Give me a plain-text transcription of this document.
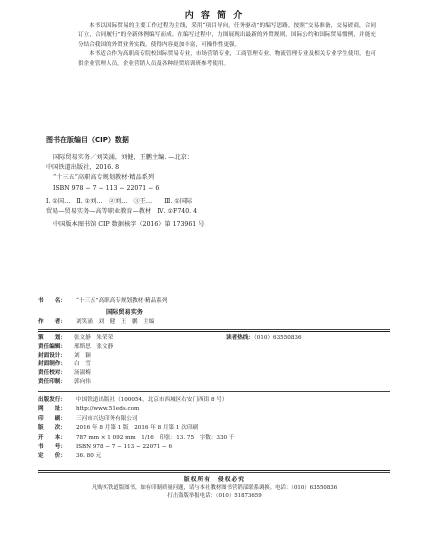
内 容 简 介

本书以国际贸易的主要工作过程为主线，采用“项目导向，任务驱动”的编写思路，按照“交易准备，交易磋商，合同订立，合同履行”的全新体例编写而成。在编写过程中，力图展现出最新的外贸规则，国际公约和国际贸易惯例，并能充分结合我国的外贸业务实践，使得内容更加丰富，可操作性更强。

本书适合作为高职高专院校国际贸易专业，市场营销专业，工商管理专业，物流管理专业及相关专业学生使用，也可供企业管理人员，企业营销人员及各种经贸培训班参考使用。

图书在版编目（CIP）数据
国际贸易实务／刘笑涌，刘健，王鹏主编. —北京：
中国铁道出版社，2016. 8
“十三五”高职高专规划教材·精品系列
ISBN 978 − 7 − 113 − 22071 − 6
Ⅰ. ①国…　Ⅱ. ①刘…　②刘…　③王…　　Ⅲ. ①国际
贸易—贸易实务—高等职业教育—教材　Ⅳ. ①F740. 4
中国版本图书馆 CIP 数据核字（2016）第 173961 号
书　　名：	“十三五”高职高专规划教材·精品系列
国际贸易实务
作　　者：	刘笑涌　刘　健　王　鹏　主编
策　　划：	张文静　朱荣荣	读者热线：（010）63550836
责任编辑：	邢斯思　张文静
封面设计：	刘　颖
封面制作：	白　雪
责任校对：	汤淑梅
责任印制：	郭向伟
出版发行：	中国铁道出版社（100054，北京市西城区右安门西街 8 号）
网　　址：	http://www.51eds.com
印　　刷：	三河市兴达印务有限公司
版　　次：	2016 年 8 月第 1 版　2016 年 8 月第 1 次印刷
开　　本：	787 mm × 1 092 mm　1/16　印张：13. 75　字数：330 千
书　　号：	ISBN 978 − 7 − 113 − 22071 − 6
定　　价：	36. 80 元
版权所有　侵权必究
凡购买铁道版图书，如有印制质量问题，请与本社教材图书营销部联系调换。电话：（010）63550836
打击盗版举报电话：（010）51873659
